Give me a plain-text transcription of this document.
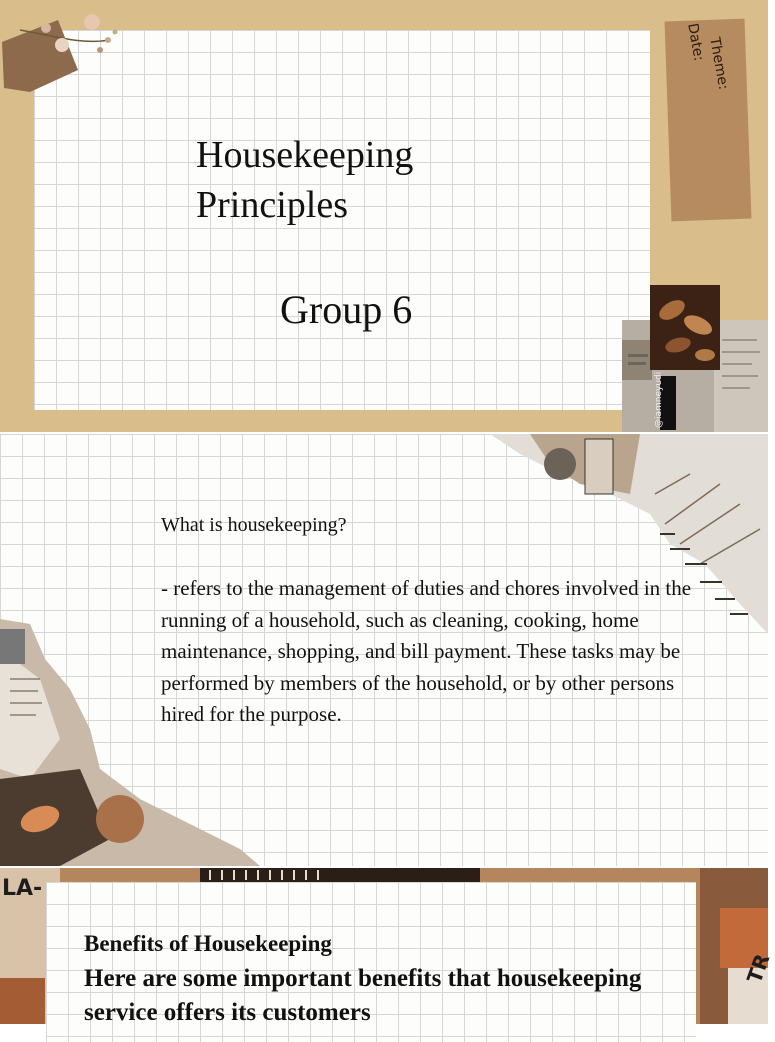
Housekeeping
Principles
Group 6
Date: Theme:
@iamneyudi

What is housekeeping?

- refers to the management of duties and chores involved in the running of a household, such as cleaning, cooking, home maintenance, shopping, and bill payment. These tasks may be performed by members of the household, or by other persons hired for the purpose.

LA-
TR
Benefits of Housekeeping

Here are some important benefits that housekeeping service offers its customers
